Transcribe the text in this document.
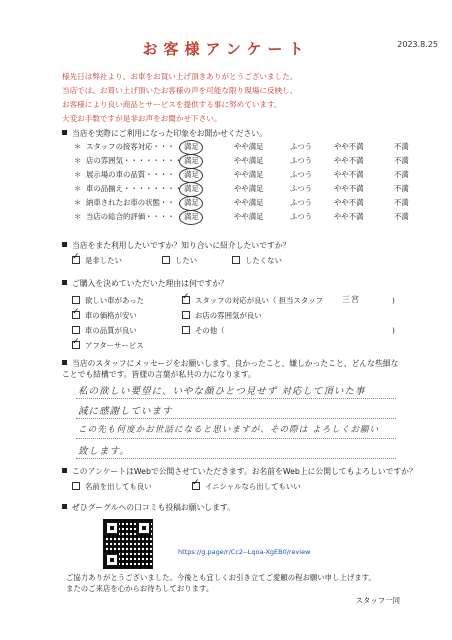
2023.8.25
お客様アンケート
様先日は弊社より、お車をお買い上げ頂きありがとうございました。
当店では、お買い上げ頂いたお客様の声を可能な限り現場に反映し、
お客様により良い商品とサービスを提供する事に努めています。
大変お手数ですが是非お声をお聞かせ下さい。
当店を実際にご利用になった印象をお聞かせください。
＊ スタッフの接客対応・・・ 満足	やや満足	ふつう	やや不満	不満
＊ 店の雰囲気・・・・・・・・ 満足	やや満足	ふつう	やや不満	不満
＊ 展示場の車の品質・・・・ 満足	やや満足	ふつう	やや不満	不満
＊ 車の品揃え・・・・・・・・ 満足	やや満足	ふつう	やや不満	不満
＊ 納車されたお車の状態・・ 満足	やや満足	ふつう	やや不満	不満
＊ 当店の総合的評価・・・・ 満足	やや満足	ふつう	やや不満	不満
当店をまた利用したいですか？知り合いに紹介したいですか？
✓是非したい	したい	したくない
ご購入を決めていただいた理由は何ですか？
欲しい車があった ✓	スタッフの対応が良い（ 担当スタッフ 三宮	)
✓車の価格が安い	お店の雰囲気が良い
車の品質が良い	その他（	)
✓アフターサービス
当店のスタッフにメッセージをお願いします。良かったこと、嫌しかったこと、どんな些細な
ことでも結構です。皆様の言葉が私共の力になります。
私の欲しい要望に、いやな顔ひとつ見せず 対応して頂いた事
減に感謝しています
この先も何度かお世話になると思いますが、その際は よろしくお願い
致します。
このアンケートはWebで公開させていただきます。お名前をWeb上に公開してもよろしいですか？
名前を出しても良い ✓	イニシャルなら出してもいい
ぜひグーグルへの口コミも投稿お願いします。
https://g.page/r/Cc2--Lqoa-XgEB0/review
ご協力ありがとうございました。今後とも宜しくお引き立てご愛顧の程お願い申し上げます。
またのご来店を心からお待ちしております。
スタッフ一同
